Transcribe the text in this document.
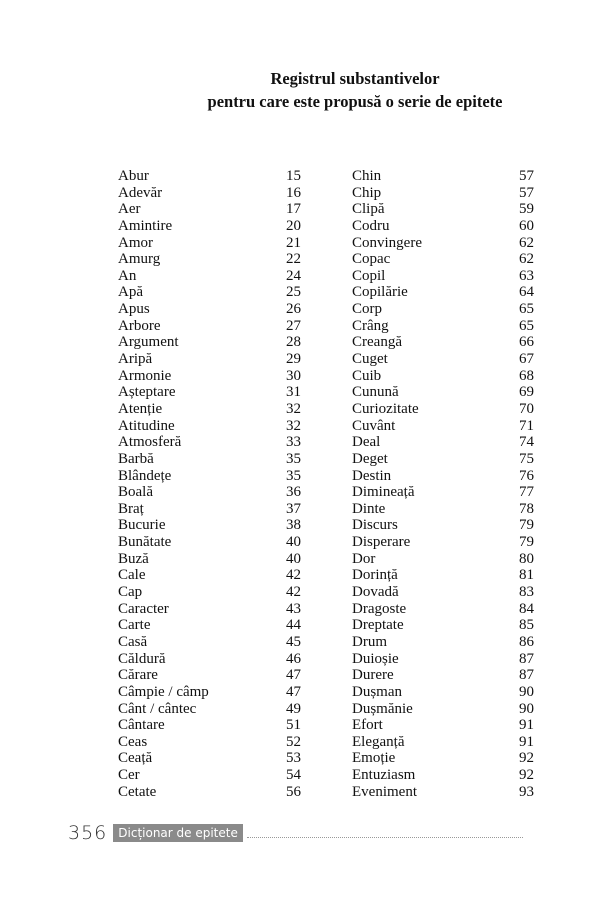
Registrul substantivelor
pentru care este propusă o serie de epitete
Abur	15
Adevăr	16
Aer	17
Amintire	20
Amor	21
Amurg	22
An	24
Apă	25
Apus	26
Arbore	27
Argument	28
Aripă	29
Armonie	30
Așteptare	31
Atenție	32
Atitudine	32
Atmosferă	33
Barbă	35
Blândețe	35
Boală	36
Braț	37
Bucurie	38
Bunătate	40
Buză	40
Cale	42
Cap	42
Caracter	43
Carte	44
Casă	45
Căldură	46
Cărare	47
Câmpie / câmp	47
Cânt / cântec	49
Cântare	51
Ceas	52
Ceață	53
Cer	54
Cetate	56
Chin	57
Chip	57
Clipă	59
Codru	60
Convingere	62
Copac	62
Copil	63
Copilărie	64
Corp	65
Crâng	65
Creangă	66
Cuget	67
Cuib	68
Cunună	69
Curiozitate	70
Cuvânt	71
Deal	74
Deget	75
Destin	76
Dimineață	77
Dinte	78
Discurs	79
Disperare	79
Dor	80
Dorință	81
Dovadă	83
Dragoste	84
Dreptate	85
Drum	86
Duioșie	87
Durere	87
Dușman	90
Dușmănie	90
Efort	91
Eleganță	91
Emoție	92
Entuziasm	92
Eveniment	93
356 Dicționar de epitete
